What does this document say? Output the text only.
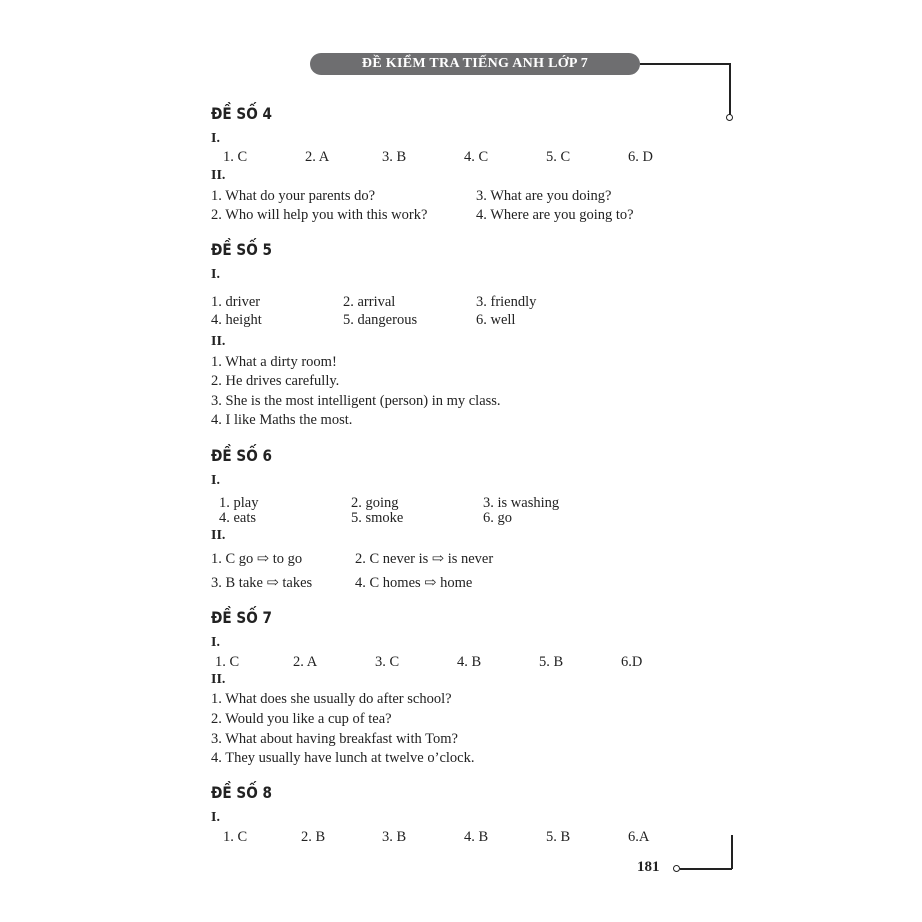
ĐỀ KIỂM TRA TIẾNG ANH LỚP 7
ĐỀ SỐ 4
I.
1. C	2. A	3. B	4. C	5. C	6. D
II.
1. What do your parents do?	3. What are you doing?
2. Who will help you with this work?	4. Where are you going to?
ĐỀ SỐ 5
I.
1. driver	2. arrival	3. friendly
4. height	5. dangerous	6. well
II.
1. What a dirty room!
2. He drives carefully.
3. She is the most intelligent (person) in my class.
4. I like Maths the most.
ĐỀ SỐ 6
I.
1. play	2. going	3. is washing
4. eats	5. smoke	6. go
II.
1. C go ⇨ to go	2. C never is ⇨ is never
3. B take ⇨ takes	4. C homes ⇨ home
ĐỀ SỐ 7
I.
1. C	2. A	3. C	4. B	5. B	6.D
II.
1. What does she usually do after school?
2. Would you like a cup of tea?
3. What about having breakfast with Tom?
4. They usually have lunch at twelve o’clock.
ĐỀ SỐ 8
I.
1. C	2. B	3. B	4. B	5. B	6.A
181
